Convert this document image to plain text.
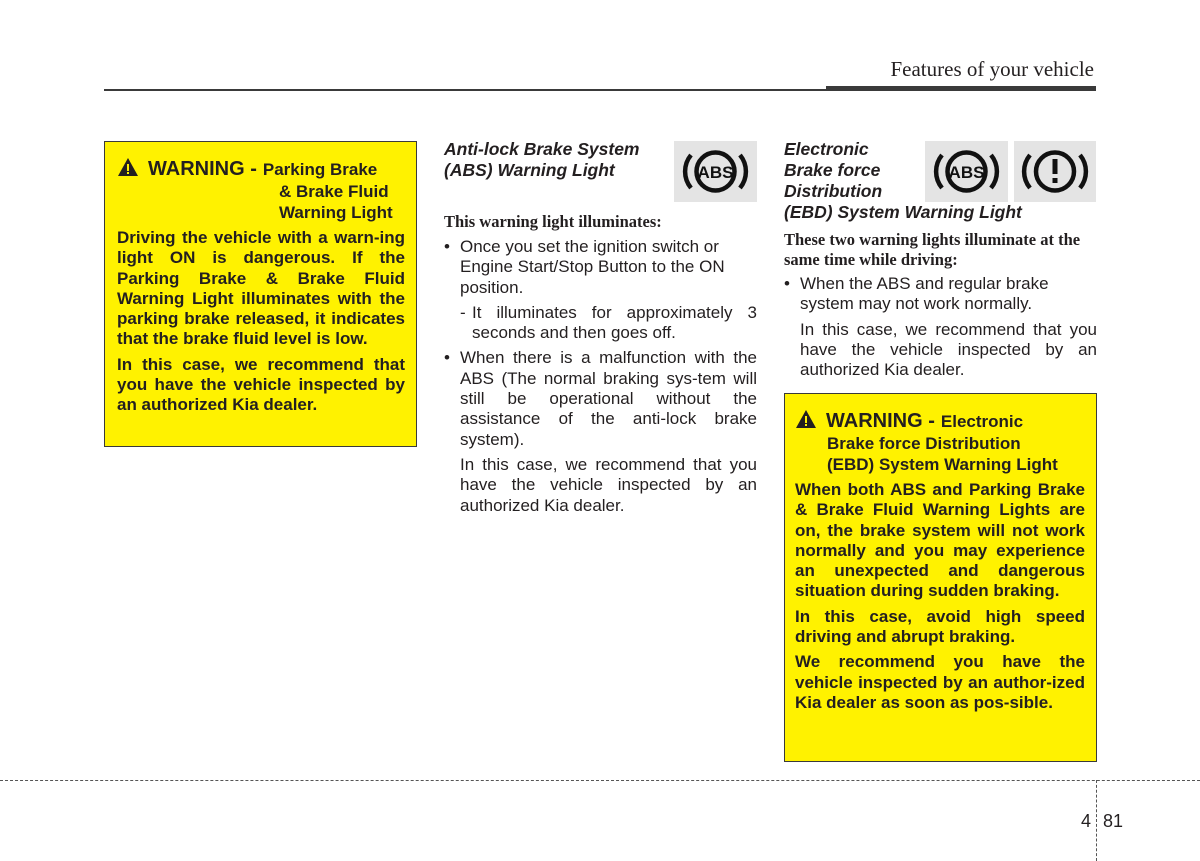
Features of your vehicle
WARNING - Parking Brake
& Brake Fluid
Warning Light

Driving the vehicle with a warn-ing light ON is dangerous. If the Parking Brake & Brake Fluid Warning Light illuminates with the parking brake released, it indicates that the brake fluid level is low.

In this case, we recommend that you have the vehicle inspected by an authorized Kia dealer.

Anti-lock Brake System
(ABS) Warning Light	ABS
This warning light illuminates:
• Once you set the ignition switch or Engine Start/Stop Button to the ON position.
- It illuminates for approximately 3 seconds and then goes off.
• When there is a malfunction with the ABS (The normal braking sys-tem will still be operational without the assistance of the anti-lock brake system).
In this case, we recommend that you have the vehicle inspected by an authorized Kia dealer.
Electronic
Brake force
Distribution
(EBD) System Warning Light
ABS
These two warning lights illuminate at the same time while driving:
• When the ABS and regular brake system may not work normally.
In this case, we recommend that you have the vehicle inspected by an authorized Kia dealer.
WARNING - Electronic
Brake force Distribution
(EBD) System Warning Light

When both ABS and Parking Brake & Brake Fluid Warning Lights are on, the brake system will not work normally and you may experience an unexpected and dangerous situation during sudden braking.

In this case, avoid high speed driving and abrupt braking.

We recommend you have the vehicle inspected by an author-ized Kia dealer as soon as pos-sible.

4 81
